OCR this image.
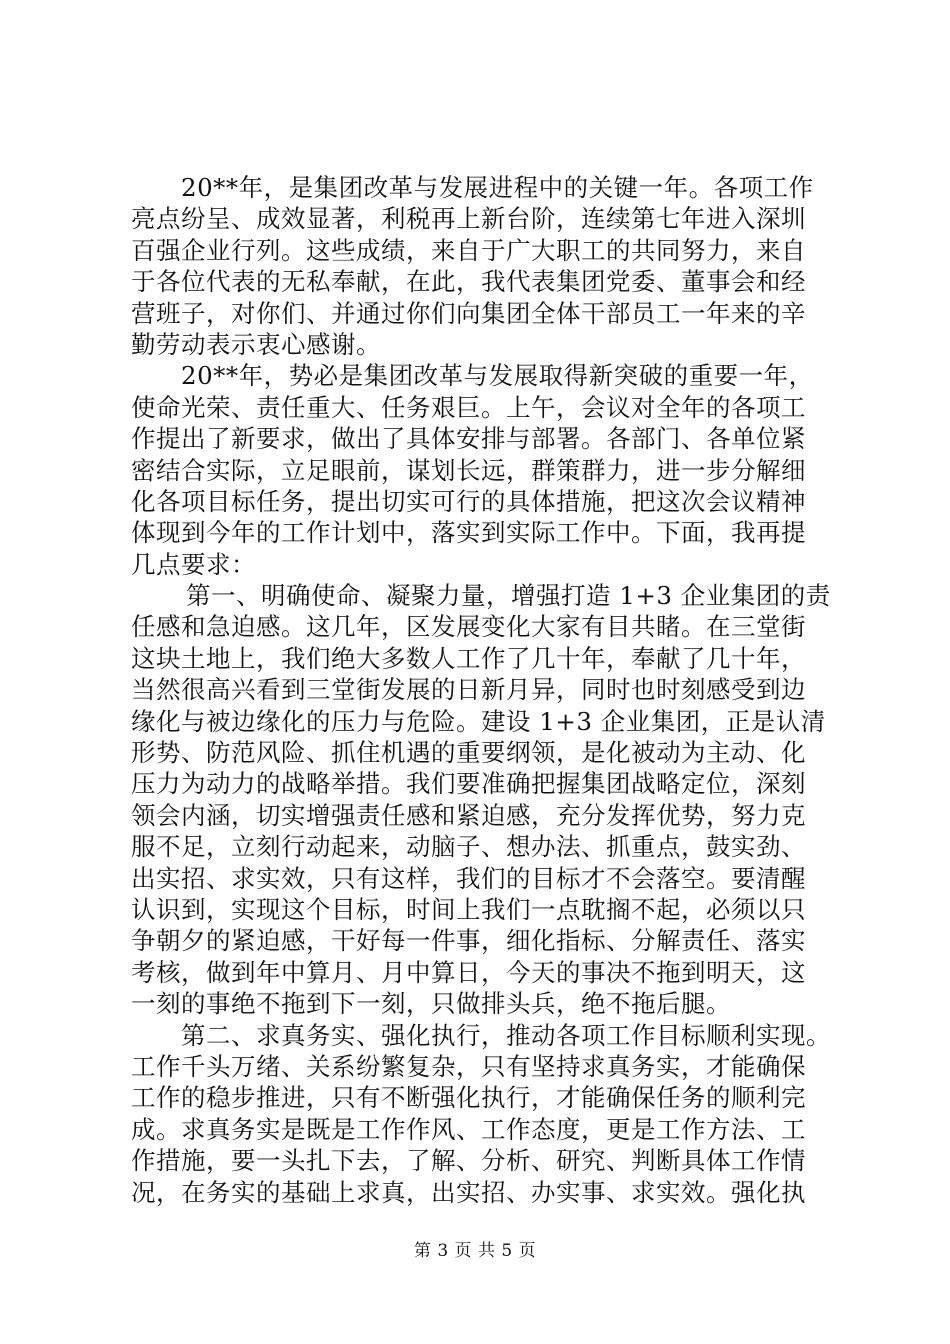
20**年，是集团改革与发展进程中的关键一年。各项工作
亮点纷呈、成效显著，利税再上新台阶，连续第七年进入深圳
百强企业行列。这些成绩，来自于广大职工的共同努力，来自
于各位代表的无私奉献，在此，我代表集团党委、董事会和经
营班子，对你们、并通过你们向集团全体干部员工一年来的辛
勤劳动表示衷心感谢。
20**年，势必是集团改革与发展取得新突破的重要一年，
使命光荣、责任重大、任务艰巨。上午，会议对全年的各项工
作提出了新要求，做出了具体安排与部署。各部门、各单位紧
密结合实际，立足眼前，谋划长远，群策群力，进一步分解细
化各项目标任务，提出切实可行的具体措施，把这次会议精神
体现到今年的工作计划中，落实到实际工作中。下面，我再提
几点要求：
第一、明确使命、凝聚力量，增强打造 1+3 企业集团的责
任感和急迫感。这几年，区发展变化大家有目共睹。在三堂街
这块土地上，我们绝大多数人工作了几十年，奉献了几十年，
当然很高兴看到三堂街发展的日新月异，同时也时刻感受到边
缘化与被边缘化的压力与危险。建设 1+3 企业集团，正是认清
形势、防范风险、抓住机遇的重要纲领，是化被动为主动、化
压力为动力的战略举措。我们要准确把握集团战略定位，深刻
领会内涵，切实增强责任感和紧迫感，充分发挥优势，努力克
服不足，立刻行动起来，动脑子、想办法、抓重点，鼓实劲、
出实招、求实效，只有这样，我们的目标才不会落空。要清醒
认识到，实现这个目标，时间上我们一点耽搁不起，必须以只
争朝夕的紧迫感，干好每一件事，细化指标、分解责任、落实
考核，做到年中算月、月中算日，今天的事决不拖到明天，这
一刻的事绝不拖到下一刻，只做排头兵，绝不拖后腿。
第二、求真务实、强化执行，推动各项工作目标顺利实现。
工作千头万绪、关系纷繁复杂，只有坚持求真务实，才能确保
工作的稳步推进，只有不断强化执行，才能确保任务的顺利完
成。求真务实是既是工作作风、工作态度，更是工作方法、工
作措施，要一头扎下去，了解、分析、研究、判断具体工作情
况，在务实的基础上求真，出实招、办实事、求实效。强化执
第 3 页 共 5 页
